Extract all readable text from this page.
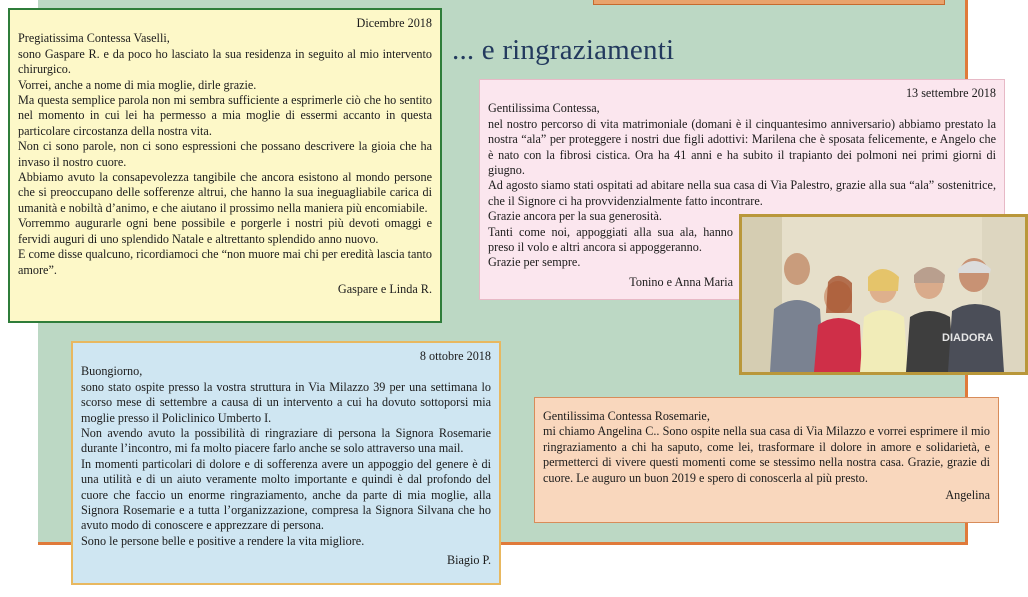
... e ringraziamenti

Dicembre 2018

Pregiatissima Contessa Vaselli,

sono Gaspare R. e da poco ho lasciato la sua residenza in seguito al mio intervento chirurgico.

Vorrei, anche a nome di mia moglie, dirle grazie.

Ma questa semplice parola non mi sembra sufficiente a esprimerle ciò che ho sentito nel momento in cui lei ha permesso a mia moglie di essermi accanto in questa particolare circostanza della nostra vita.

Non ci sono parole, non ci sono espressioni che possano descrivere la gioia che ha invaso il nostro cuore.

Abbiamo avuto la consapevolezza tangibile che ancora esistono al mondo persone che si preoccupano delle sofferenze altrui, che hanno la sua ineguagliabile carica di umanità e nobiltà d’animo, e che aiutano il prossimo nella maniera più encomiabile.

Vorremmo augurarle ogni bene possibile e porgerle i nostri più devoti omaggi e fervidi auguri di uno splendido Natale e altrettanto splendido anno nuovo.

E come disse qualcuno, ricordiamoci che “non muore mai chi per eredità lascia tanto amore”.

Gaspare e Linda R.

13 settembre 2018

Gentilissima Contessa,

nel nostro percorso di vita matrimoniale (domani è il cinquantesimo anniversario) abbiamo prestato la nostra “ala” per proteggere i nostri due figli adottivi: Marilena che è sposata felicemente, e Angelo che è nato con la fibrosi cistica. Ora ha 41 anni e ha subito il trapianto dei polmoni nei primi giorni di giugno.

Ad agosto siamo stati ospitati ad abitare nella sua casa di Via Palestro, grazie alla sua “ala” sostenitrice, che il Signore ci ha provvidenzialmente fatto incontrare.

Grazie ancora per la sua generosità.

Tanti come noi, appoggiati alla sua ala, hanno preso il volo e altri ancora si appoggeranno.

Grazie per sempre.

Tonino e Anna Maria

DIADORA

8 ottobre 2018

Buongiorno,

sono stato ospite presso la vostra struttura in Via Milazzo 39 per una settimana lo scorso mese di settembre a causa di un intervento a cui ha dovuto sottoporsi mia moglie presso il Policlinico Umberto I.

Non avendo avuto la possibilità di ringraziare di persona la Signora Rosemarie durante l’incontro, mi fa molto piacere farlo anche se solo attraverso una mail.

In momenti particolari di dolore e di sofferenza avere un appoggio del genere è di una utilità e di un aiuto veramente molto importante e quindi è dal profondo del cuore che faccio un enorme ringraziamento, anche da parte di mia moglie, alla Signora Rosemarie e a tutta l’organizzazione, compresa la Signora Silvana che ho avuto modo di conoscere e apprezzare di persona.

Sono le persone belle e positive a rendere la vita migliore.

Biagio P.

Gentilissima Contessa Rosemarie,

mi chiamo Angelina C.. Sono ospite nella sua casa di Via Milazzo e vorrei esprimere il mio ringraziamento a chi ha saputo, come lei, trasformare il dolore in amore e solidarietà, e permetterci di vivere questi momenti come se stessimo nella nostra casa. Grazie, grazie di cuore. Le auguro un buon 2019 e spero di conoscerla al più presto.

Angelina
